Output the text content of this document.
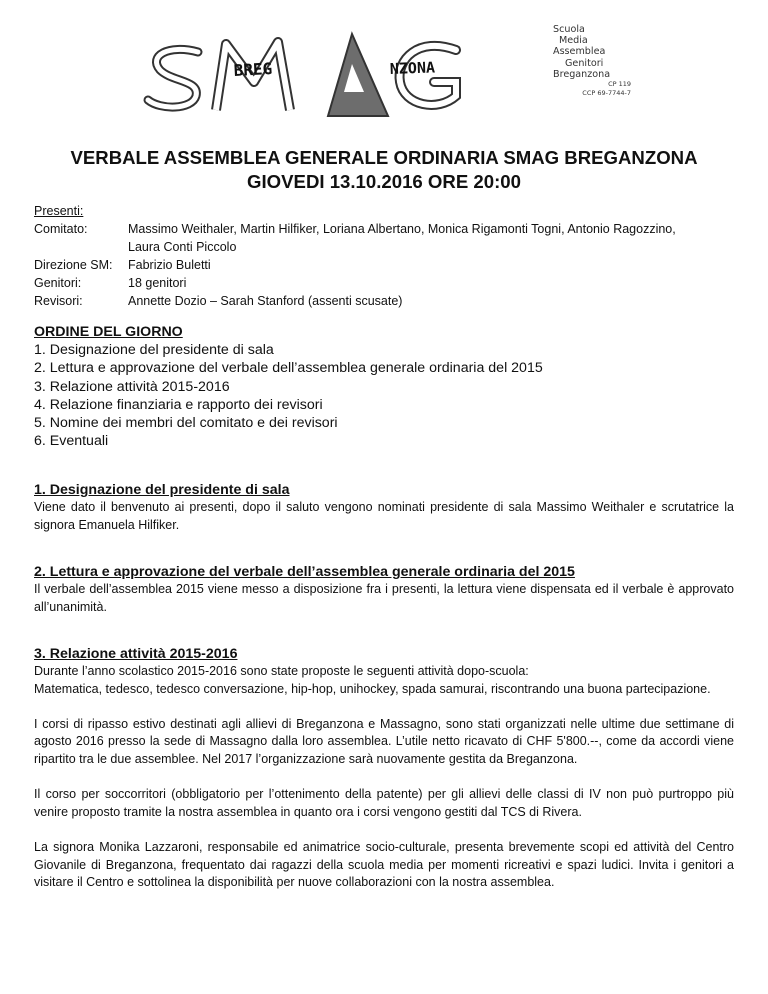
BREG	NZONA
Scuola
Media
Assemblea
Genitori
Breganzona
CP 119
CCP 69-7744-7
VERBALE ASSEMBLEA GENERALE ORDINARIA SMAG BREGANZONA
GIOVEDI 13.10.2016 ORE 20:00
Presenti:
Comitato:	Massimo Weithaler, Martin Hilfiker, Loriana Albertano, Monica Rigamonti Togni, Antonio Ragozzino,
Laura Conti Piccolo
Direzione SM:	Fabrizio Buletti
Genitori:	18 genitori
Revisori:	Annette Dozio – Sarah Stanford (assenti scusate)
ORDINE DEL GIORNO
1. Designazione del presidente di sala
2. Lettura e approvazione del verbale dell’assemblea generale ordinaria del 2015
3. Relazione attività 2015-2016
4. Relazione finanziaria e rapporto dei revisori
5. Nomine dei membri del comitato e dei revisori
6. Eventuali
1. Designazione del presidente di sala

Viene dato il benvenuto ai presenti, dopo il saluto vengono nominati presidente di sala Massimo Weithaler e scrutatrice la signora Emanuela Hilfiker.

2. Lettura e approvazione del verbale dell’assemblea generale ordinaria del 2015

Il verbale dell’assemblea 2015 viene messo a disposizione fra i presenti, la lettura viene dispensata ed il verbale è approvato all’unanimità.

3. Relazione attività 2015-2016

Durante l’anno scolastico 2015-2016 sono state proposte le seguenti attività dopo-scuola:

Matematica, tedesco, tedesco conversazione, hip-hop, unihockey, spada samurai, riscontrando una buona partecipazione.

I corsi di ripasso estivo destinati agli allievi di Breganzona e Massagno, sono stati organizzati nelle ultime due settimane di agosto 2016 presso la sede di Massagno dalla loro assemblea. L’utile netto ricavato di CHF 5'800.--, come da accordi viene ripartito tra le due assemblee. Nel 2017 l’organizzazione sarà nuovamente gestita da Breganzona.

Il corso per soccorritori (obbligatorio per l’ottenimento della patente) per gli allievi delle classi di IV non può purtroppo più venire proposto tramite la nostra assemblea in quanto ora i corsi vengono gestiti dal TCS di Rivera.

La signora Monika Lazzaroni, responsabile ed animatrice socio-culturale, presenta brevemente scopi ed attività del Centro Giovanile di Breganzona, frequentato dai ragazzi della scuola media per momenti ricreativi e spazi ludici. Invita i genitori a visitare il Centro e sottolinea la disponibilità per nuove collaborazioni con la nostra assemblea.
